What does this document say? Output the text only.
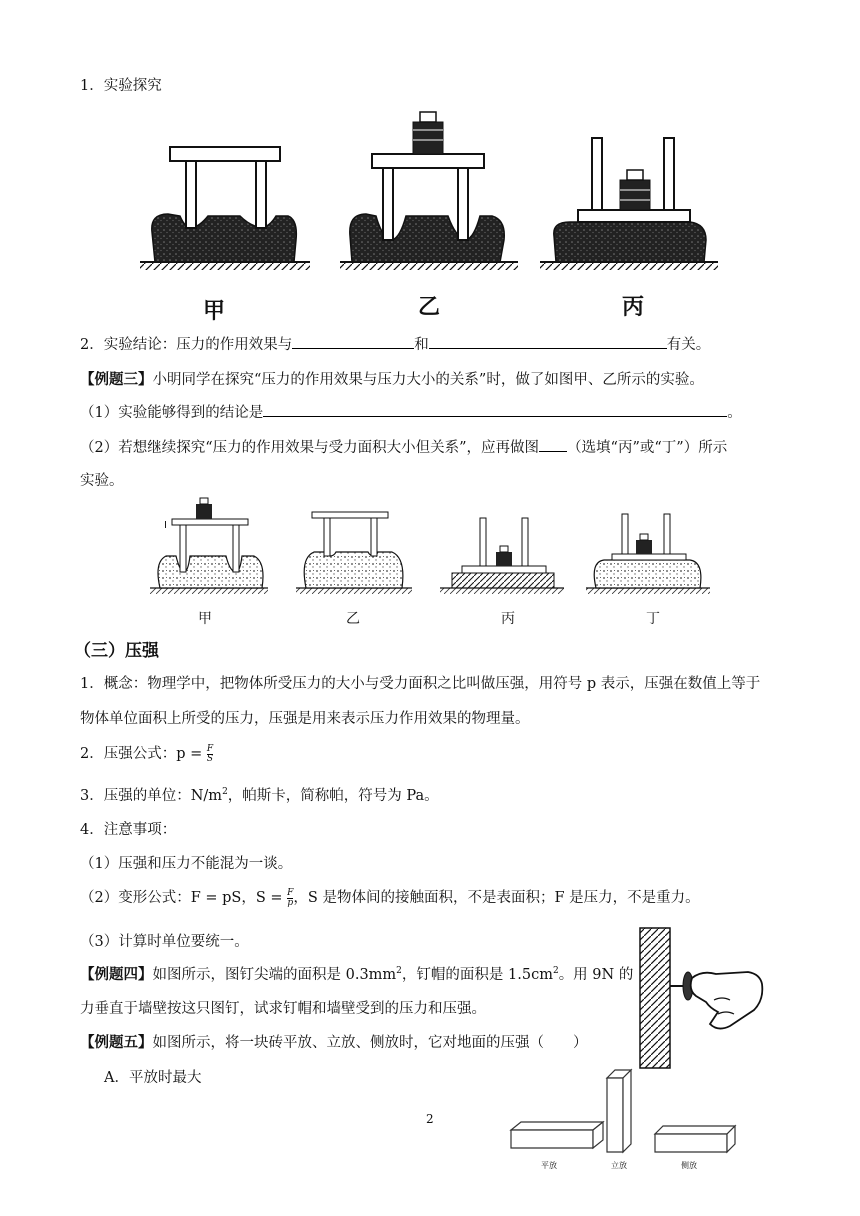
1．实验探究
甲	乙	丙
2．实验结论：压力的作用效果与	和	有关。
【例题三】小明同学在探究“压力的作用效果与压力大小的关系”时，做了如图甲、乙所示的实验。
（1）实验能够得到的结论是	。
（2）若想继续探究“压力的作用效果与受力面积大小但关系”，应再做图 （选填“丙”或“丁”）所示
实验。
I
甲	乙	丙	丁
（三）压强
1．概念：物理学中，把物体所受压力的大小与受力面积之比叫做压强，用符号 p 表示，压强在数值上等于
物体单位面积上所受的压力，压强是用来表示压力作用效果的物理量。
2．压强公式：$p = \frac{F}{S}$
3．压强的单位：$N/m^2$，帕斯卡，简称帕，符号为 Pa。
4．注意事项：
（1）压强和压力不能混为一谈。
（2）变形公式：F = pS，$S = \frac{F}{p}$ ，S 是物体间的接触面积，不是表面积；F 是压力，不是重力。
（3）计算时单位要统一。
【例题四】如图所示，图钉尖端的面积是 $0.3mm^2$，钉帽的面积是 $1.5cm^2$。用 9N 的
力垂直于墙壁按这只图钉，试求钉帽和墙壁受到的压力和压强。
【例题五】如图所示，将一块砖平放、立放、侧放时，它对地面的压强（　　）
A．平放时最大
2
平放	立放	侧放
